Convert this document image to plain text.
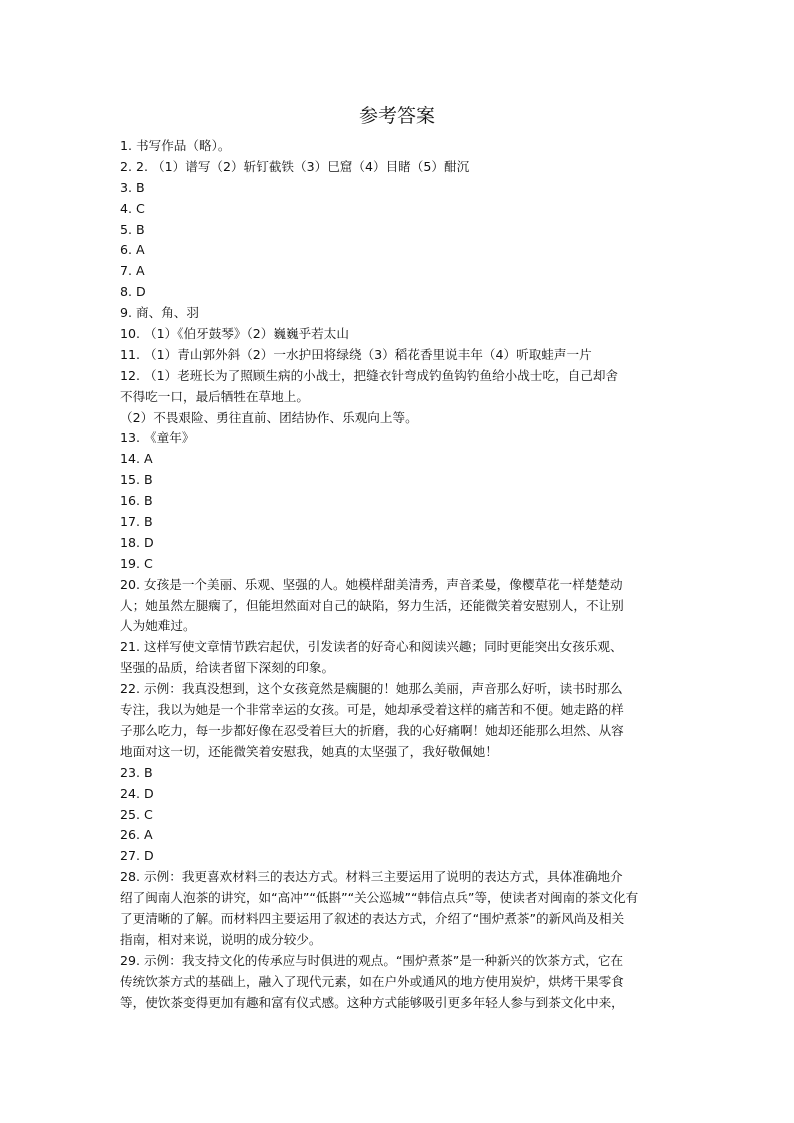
参考答案
1. 书写作品（略）。
2. 2. （1）谱写（2）斩钉截铁（3）巳窟（4）目睹（5）酣沉
3. B
4. C
5. B
6. A
7. A
8. D
9. 商、角、羽
10. （1）《伯牙鼓琴》（2）巍巍乎若太山
11. （1）青山郭外斜（2）一水护田将绿绕（3）稻花香里说丰年（4）听取蛙声一片
12. （1）老班长为了照顾生病的小战士，把缝衣针弯成钓鱼钩钓鱼给小战士吃，自己却舍
不得吃一口，最后牺牲在草地上。
（2）不畏艰险、勇往直前、团结协作、乐观向上等。
13. 《童年》
14. A
15. B
16. B
17. B
18. D
19. C
20. 女孩是一个美丽、乐观、坚强的人。她模样甜美清秀，声音柔曼，像樱草花一样楚楚动
人；她虽然左腿瘸了，但能坦然面对自己的缺陷，努力生活，还能微笑着安慰别人，不让别
人为她难过。
21. 这样写使文章情节跌宕起伏，引发读者的好奇心和阅读兴趣；同时更能突出女孩乐观、
坚强的品质，给读者留下深刻的印象。
22. 示例：我真没想到，这个女孩竟然是瘸腿的！她那么美丽，声音那么好听，读书时那么
专注，我以为她是一个非常幸运的女孩。可是，她却承受着这样的痛苦和不便。她走路的样
子那么吃力，每一步都好像在忍受着巨大的折磨，我的心好痛啊！她却还能那么坦然、从容
地面对这一切，还能微笑着安慰我，她真的太坚强了，我好敬佩她！
23. B
24. D
25. C
26. A
27. D
28. 示例：我更喜欢材料三的表达方式。材料三主要运用了说明的表达方式，具体准确地介
绍了闽南人泡茶的讲究，如“高冲”“低斟”“关公巡城”“韩信点兵”等，使读者对闽南的茶文化有
了更清晰的了解。而材料四主要运用了叙述的表达方式，介绍了“围炉煮茶”的新风尚及相关
指南，相对来说，说明的成分较少。
29. 示例：我支持文化的传承应与时俱进的观点。“围炉煮茶”是一种新兴的饮茶方式，它在
传统饮茶方式的基础上，融入了现代元素，如在户外或通风的地方使用炭炉，烘烤干果零食
等，使饮茶变得更加有趣和富有仪式感。这种方式能够吸引更多年轻人参与到茶文化中来，
